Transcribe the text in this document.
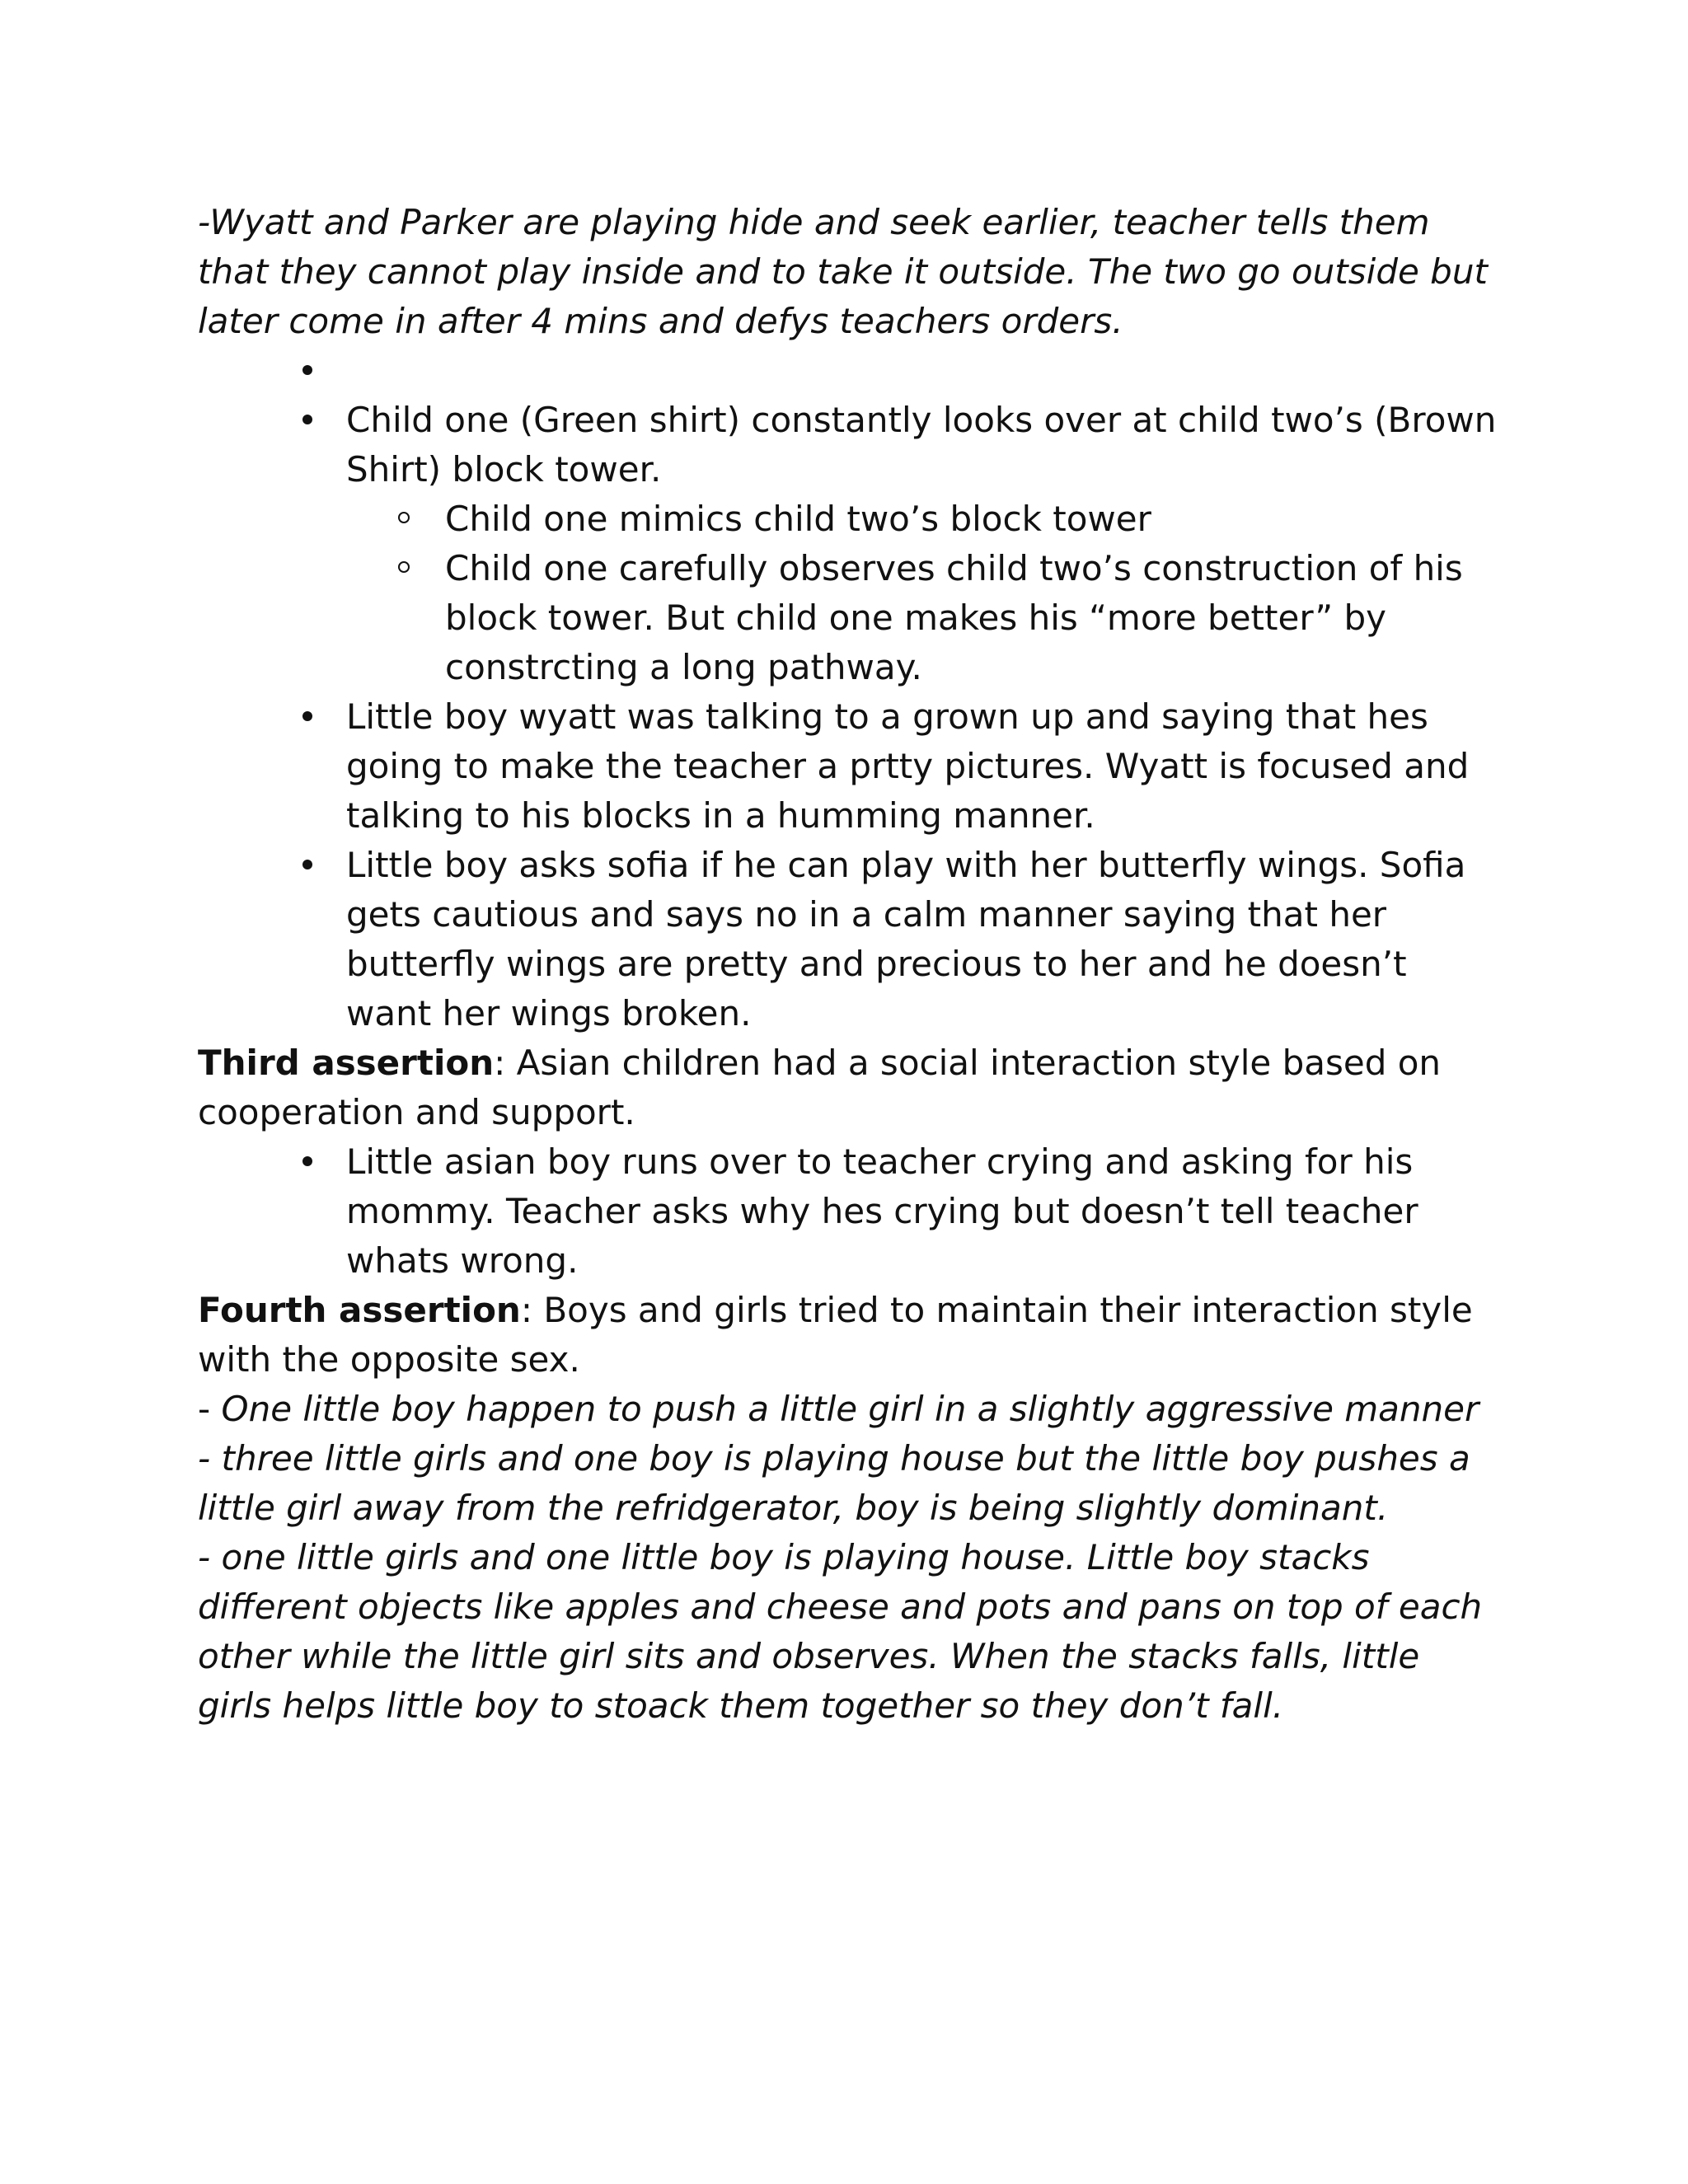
-Wyatt and Parker are playing hide and seek earlier, teacher tells them that they cannot play inside and to take it outside. The two go outside but later come in after 4 mins and defys teachers orders.

Child one (Green shirt) constantly looks over at child two’s (Brown Shirt) block tower.
Child one mimics child two’s block tower
Child one carefully observes child two’s construction of his block tower. But child one makes his “more better” by constrcting a long pathway.
Little boy wyatt was talking to a grown up and saying that hes going to make the teacher a prtty pictures. Wyatt is focused and talking to his blocks in a humming manner.
Little boy asks sofia if he can play with her butterfly wings. Sofia gets cautious and says no in a calm manner saying that her butterfly wings are pretty and precious to her and he doesn’t want her wings broken.

Third assertion: Asian children had a social interaction style based on cooperation and support.

Little asian boy runs over to teacher crying and asking for his mommy. Teacher asks why hes crying but doesn’t tell teacher whats wrong.

Fourth assertion: Boys and girls tried to maintain their interaction style with the opposite sex.

- One little boy happen to push a little girl in a slightly aggressive manner

- three little girls and one boy is playing house but the little boy pushes a little girl away from the refridgerator, boy is being slightly dominant.

- one little girls and one little boy is playing house. Little boy stacks different objects like apples and cheese and pots and pans on top of each other while the little girl sits and observes. When the stacks falls, little girls helps little boy to stoack them together so they don’t fall.
